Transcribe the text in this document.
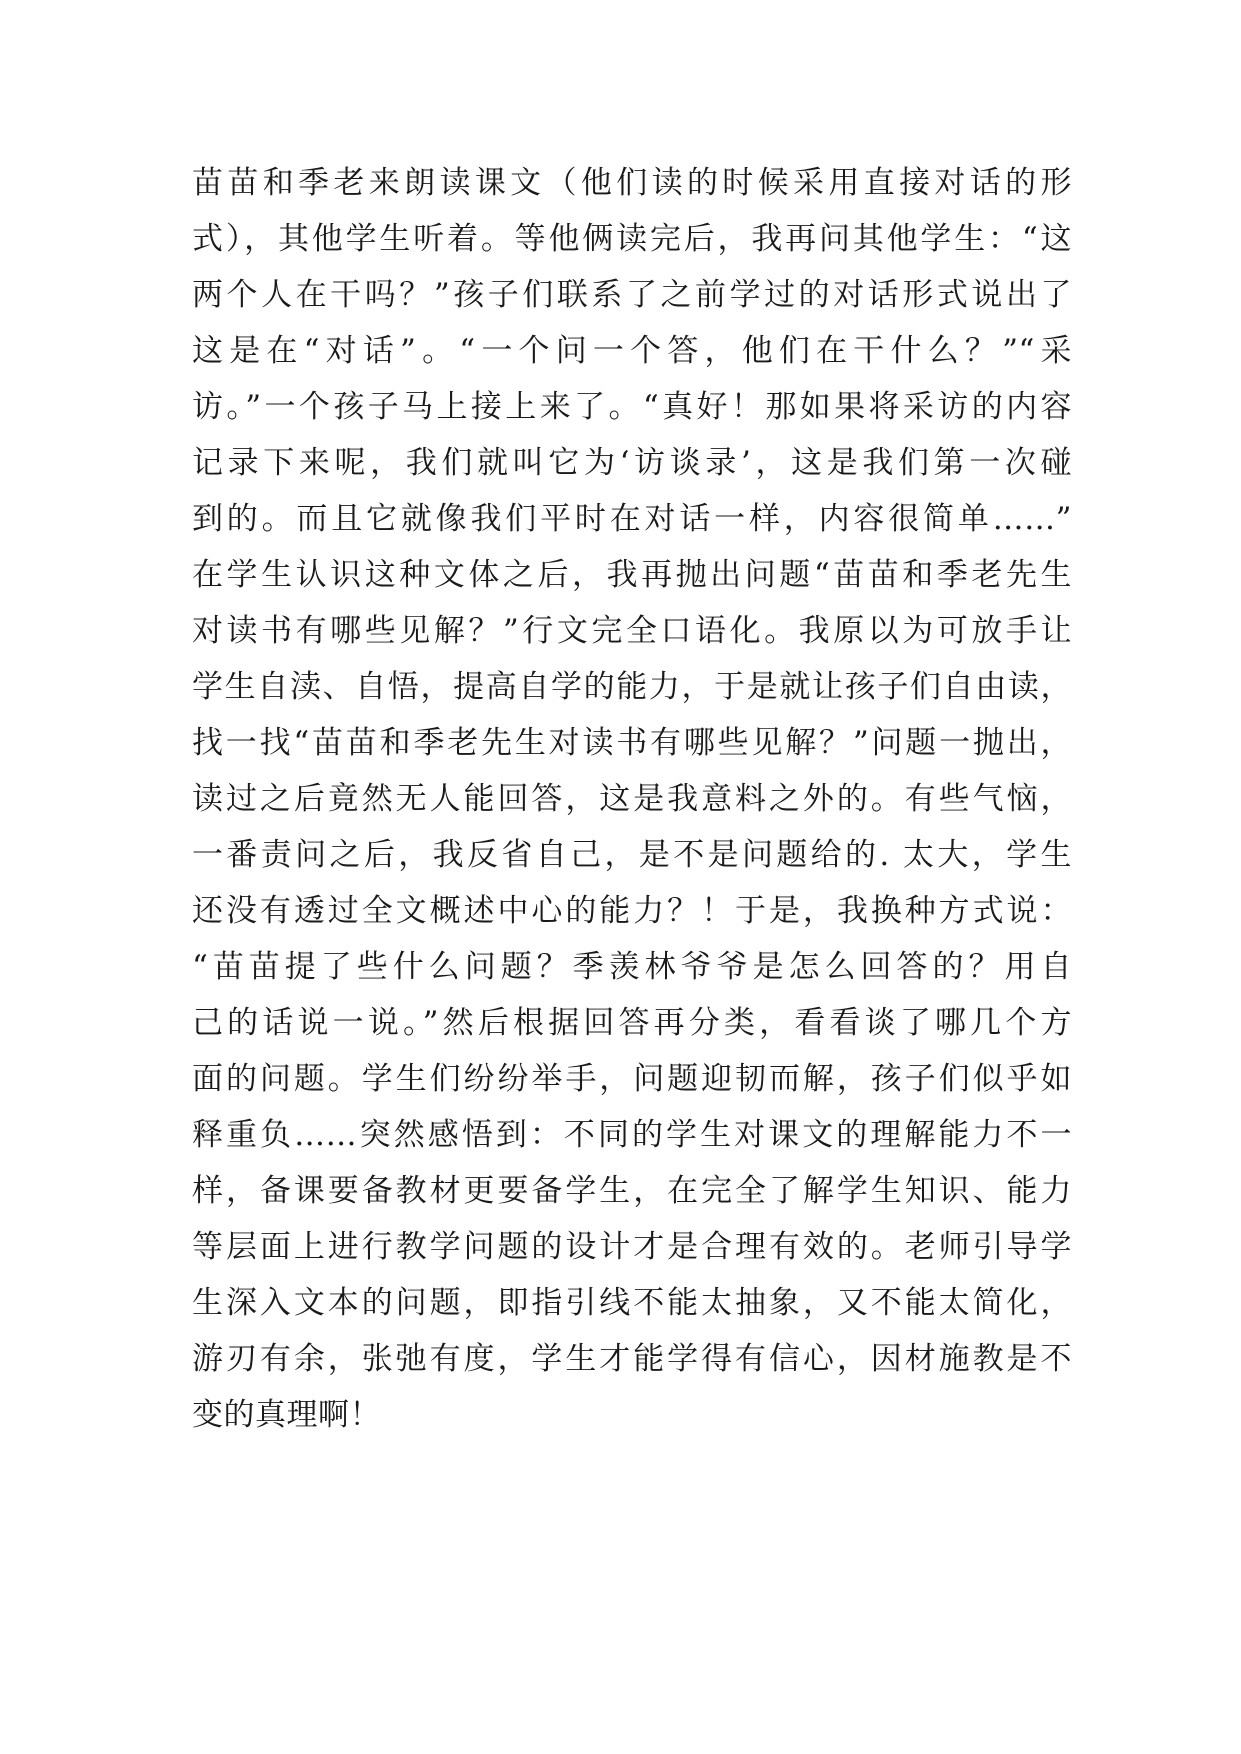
苗苗和季老来朗读课文（他们读的时候采用直接对话的形
式），其他学生听着。等他俩读完后，我再问其他学生：“这
两个人在干吗？”孩子们联系了之前学过的对话形式说出了
这是在“对话”。“一个问一个答，他们在干什么？”“采
访。”一个孩子马上接上来了。“真好！那如果将采访的内容
记录下来呢，我们就叫它为‘访谈录’，这是我们第一次碰
到的。而且它就像我们平时在对话一样，内容很简单……”
在学生认识这种文体之后，我再抛出问题“苗苗和季老先生
对读书有哪些见解？”行文完全口语化。我原以为可放手让
学生自渎、自悟，提高自学的能力，于是就让孩子们自由读，
找一找“苗苗和季老先生对读书有哪些见解？”问题一抛出，
读过之后竟然无人能回答，这是我意料之外的。有些气恼，
一番责问之后，我反省自己，是不是问题给的. 太大，学生
还没有透过全文概述中心的能力？！于是，我换种方式说：
“苗苗提了些什么问题？季羡林爷爷是怎么回答的？用自
己的话说一说。”然后根据回答再分类，看看谈了哪几个方
面的问题。学生们纷纷举手，问题迎韧而解，孩子们似乎如
释重负……突然感悟到：不同的学生对课文的理解能力不一
样，备课要备教材更要备学生，在完全了解学生知识、能力
等层面上进行教学问题的设计才是合理有效的。老师引导学
生深入文本的问题，即指引线不能太抽象，又不能太简化，
游刃有余，张弛有度，学生才能学得有信心，因材施教是不
变的真理啊！
